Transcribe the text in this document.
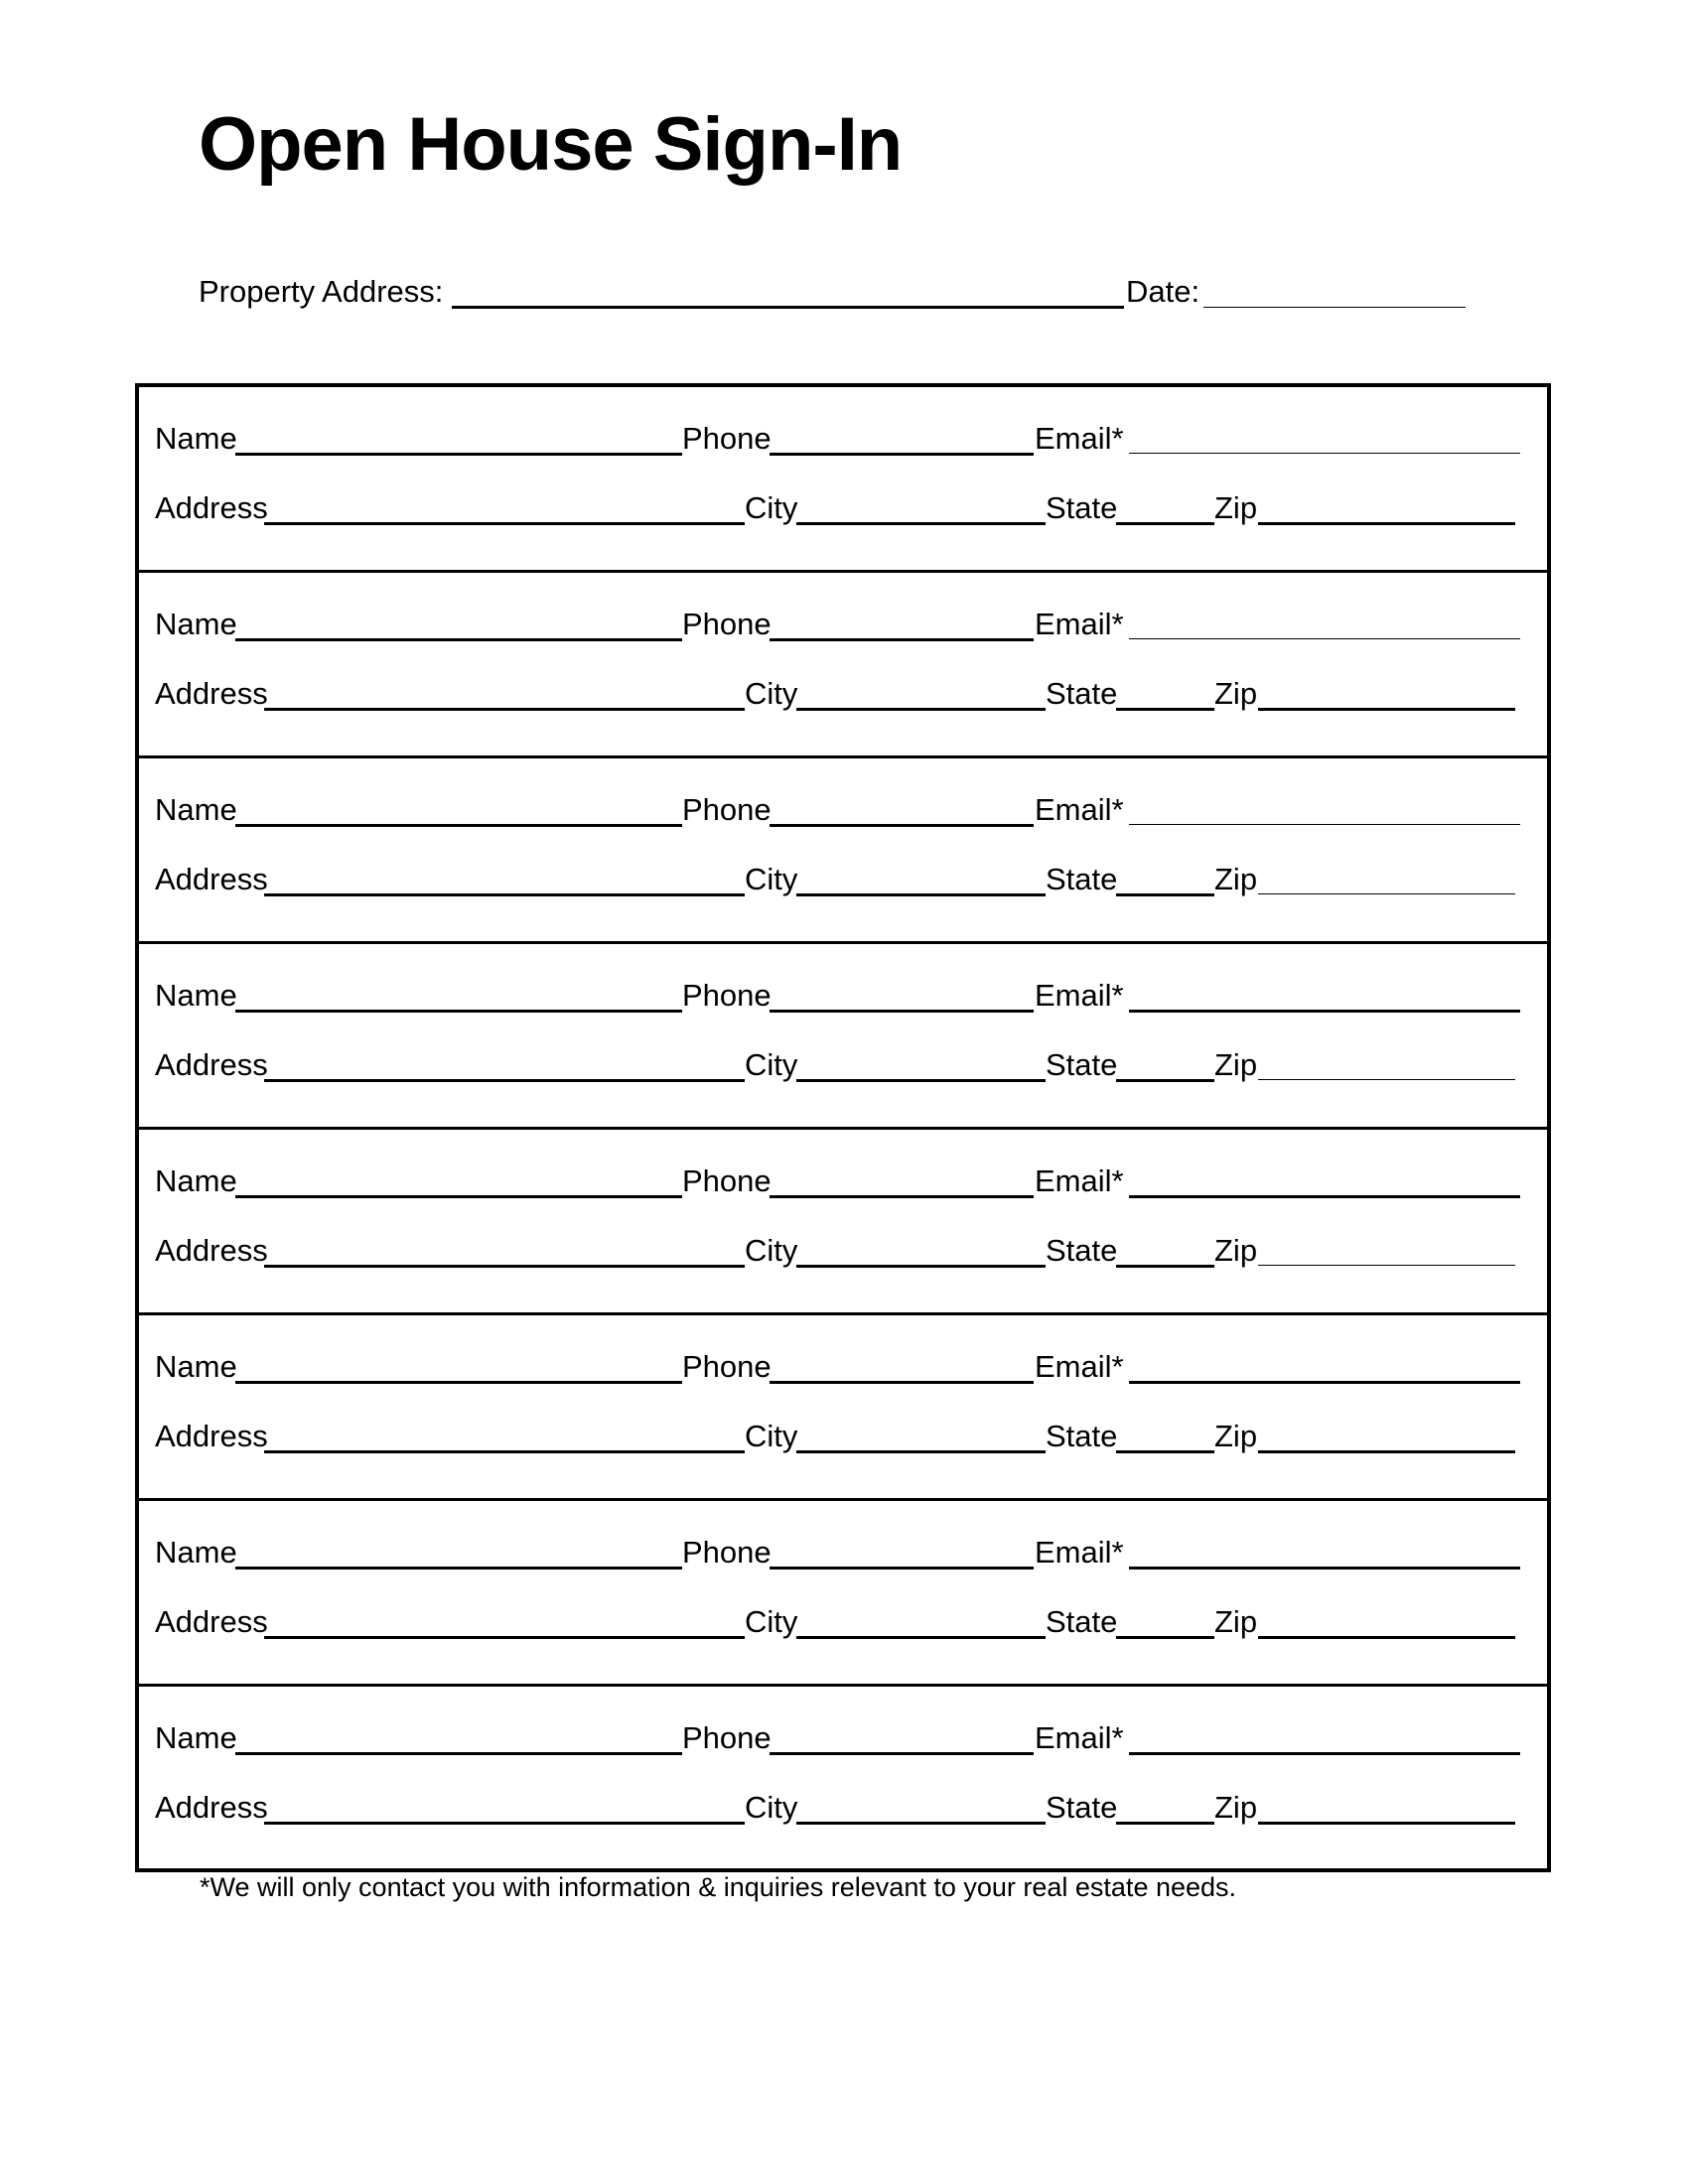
Open House Sign-In
Property Address:	Date:
Name	Phone	Email*
Address	City	State	Zip
Name	Phone	Email*
Address	City	State	Zip
Name	Phone	Email*
Address	City	State	Zip
Name	Phone	Email*
Address	City	State	Zip
Name	Phone	Email*
Address	City	State	Zip
Name	Phone	Email*
Address	City	State	Zip
Name	Phone	Email*
Address	City	State	Zip
Name	Phone	Email*
Address	City	State	Zip
*We will only contact you with information & inquiries relevant to your real estate needs.
